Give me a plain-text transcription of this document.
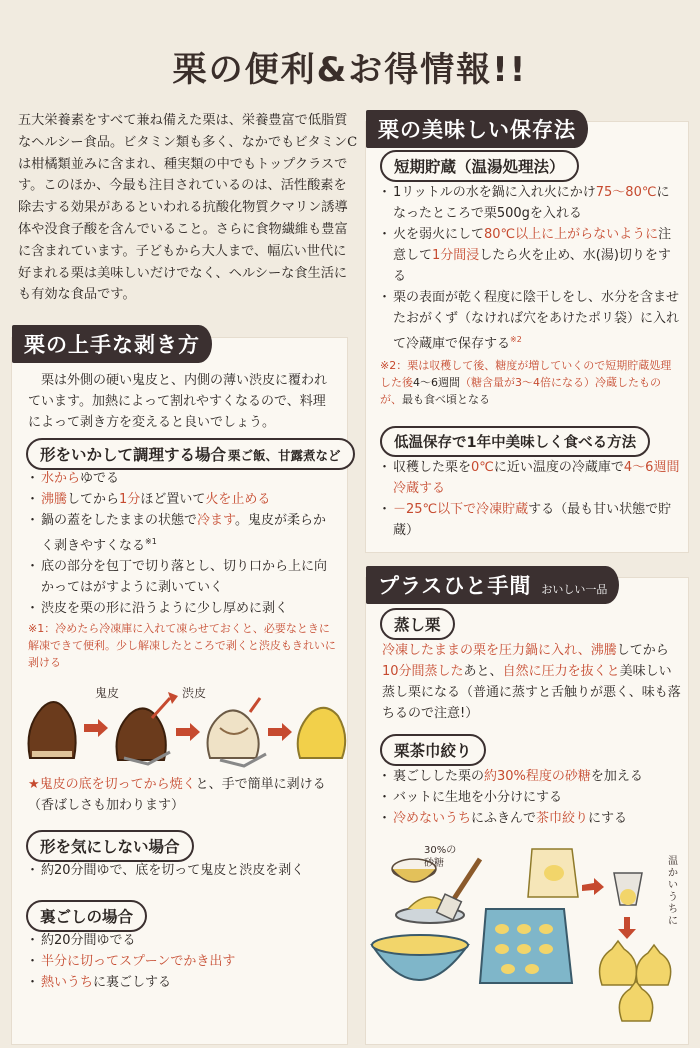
栗の便利&お得情報!!
五大栄養素をすべて兼ね備えた栗は、栄養豊富で低脂質なヘルシー食品。ビタミン類も多く、なかでもビタミンCは柑橘類並みに含まれ、種実類の中でもトップクラスです。このほか、今最も注目されているのは、活性酸素を除去する効果があるといわれる抗酸化物質クマリン誘導体や没食子酸を含んでいること。さらに食物繊維も豊富に含まれています。子どもから大人まで、幅広い世代に好まれる栗は美味しいだけでなく、ヘルシーな食生活にも有効な食品です。
栗の上手な剥き方
栗は外側の硬い鬼皮と、内側の薄い渋皮に覆われています。加熱によって割れやすくなるので、料理によって剥き方を変えると良いでしょう。
形をいかして調理する場合 栗ご飯、甘露煮など
・ 水からゆでる
・ 沸騰してから1分ほど置いて火を止める
・ 鍋の蓋をしたままの状態で冷ます。鬼皮が柔らかく剥きやすくなる$^{※1}$
・ 底の部分を包丁で切り落とし、切り口から上に向かってはがすように剥いていく
・ 渋皮を栗の形に沿うように少し厚めに剥く
※1：冷めたら冷凍庫に入れて凍らせておくと、必要なときに解凍できて便利。少し解凍したところで剥くと渋皮もきれいに剥ける
鬼皮	渋皮
★鬼皮の底を切ってから焼くと、手で簡単に剥ける（香ばしさも加わります）
形を気にしない場合
・ 約20分間ゆで、底を切って鬼皮と渋皮を剥く
裏ごしの場合
・ 約20分間ゆでる
・ 半分に切ってスプーンでかき出す
・ 熱いうちに裏ごしする
栗の美味しい保存法
短期貯蔵（温湯処理法）
・ 1リットルの水を鍋に入れ火にかけ75～80℃になったところで栗500gを入れる
・ 火を弱火にして80℃以上に上がらないように注意して1分間浸したら火を止め、水(湯)切りをする
・ 栗の表面が乾く程度に陰干しをし、水分を含ませたおがくず（なければ穴をあけたポリ袋）に入れて冷蔵庫で保存する$^{※2}$
※2：栗は収穫して後、糖度が増していくので短期貯蔵処理した後4～6週間（糖含量が3～4倍になる）冷蔵したものが、最も食べ頃となる
低温保存で1年中美味しく食べる方法
・ 収穫した栗を0℃に近い温度の冷蔵庫で4～6週間冷蔵する
・ －25℃以下で冷凍貯蔵する（最も甘い状態で貯蔵）
プラスひと手間 おいしい一品
蒸し栗
冷凍したままの栗を圧力鍋に入れ、沸騰してから10分間蒸したあと、自然に圧力を抜くと美味しい蒸し栗になる（普通に蒸すと舌触りが悪く、味も落ちるので注意!）
栗茶巾絞り
・ 裏ごしした栗の約30%程度の砂糖を加える
・ バットに生地を小分けにする
・ 冷めないうちにふきんで茶巾絞りにする
30%の砂糖	温かいうちに
